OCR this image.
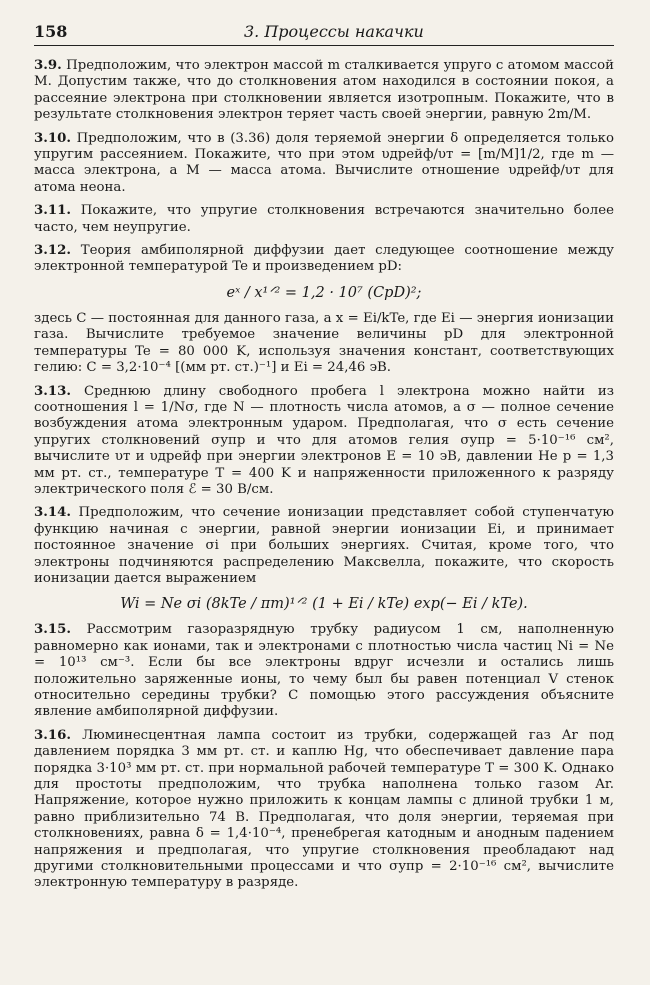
158	3. Процессы накачки

3.9. Предположим, что электрон массой m сталкивается упруго с атомом массой M. Допустим также, что до столкновения атом находился в состоянии покоя, а рассеяние электрона при столкновении является изотропным. Покажите, что в результате столкновения электрон теряет часть своей энергии, равную 2m/M.

3.10. Предположим, что в (3.36) доля теряемой энергии δ определяется только упругим рассеянием. Покажите, что при этом υдрейф/υт = [m/M]1/2, где m — масса электрона, а M — масса атома. Вычислите отношение υдрейф/υт для атома неона.

3.11. Покажите, что упругие столкновения встречаются значительно более часто, чем неупругие.

3.12. Теория амбиполярной диффузии дает следующее соотношение между электронной температурой Te и произведением pD:

eˣ / x¹ᐟ² = 1,2 · 10⁷ (CpD)²;

здесь C — постоянная для данного газа, а x = Ei/kTe, где Ei — энергия ионизации газа. Вычислите требуемое значение величины pD для электронной температуры Te = 80 000 K, используя значения констант, соответствующих гелию: C = 3,2·10⁻⁴ [(мм рт. ст.)⁻¹] и Ei = 24,46 эВ.

3.13. Среднюю длину свободного пробега l электрона можно найти из соотношения l = 1/Nσ, где N — плотность числа атомов, а σ — полное сечение возбуждения атома электронным ударом. Предполагая, что σ есть сечение упругих столкновений σупр и что для атомов гелия σупр = 5·10⁻¹⁶ см², вычислите υт и υдрейф при энергии электронов E = 10 эВ, давлении He p = 1,3 мм рт. ст., температуре T = 400 K и напряженности приложенного к разряду электрического поля ℰ = 30 В/см.

3.14. Предположим, что сечение ионизации представляет собой ступенчатую функцию начиная с энергии, равной энергии ионизации Ei, и принимает постоянное значение σi при больших энергиях. Считая, кроме того, что электроны подчиняются распределению Максвелла, покажите, что скорость ионизации дается выражением

Wi = Ne σi (8kTe / πm)¹ᐟ² (1 + Ei / kTe) exp(− Ei / kTe).

3.15. Рассмотрим газоразрядную трубку радиусом 1 см, наполненную равномерно как ионами, так и электронами с плотностью числа частиц Ni = Ne = 10¹³ см⁻³. Если бы все электроны вдруг исчезли и остались лишь положительно заряженные ионы, то чему был бы равен потенциал V стенок относительно середины трубки? С помощью этого рассуждения объясните явление амбиполярной диффузии.

3.16. Люминесцентная лампа состоит из трубки, содержащей газ Ar под давлением порядка 3 мм рт. ст. и каплю Hg, что обеспечивает давление пара порядка 3·10³ мм рт. ст. при нормальной рабочей температуре T = 300 K. Однако для простоты предположим, что трубка наполнена только газом Ar. Напряжение, которое нужно приложить к концам лампы с длиной трубки 1 м, равно приблизительно 74 В. Предполагая, что доля энергии, теряемая при столкновениях, равна δ = 1,4·10⁻⁴, пренебрегая катодным и анодным падением напряжения и предполагая, что упругие столкновения преобладают над другими столкновительными процессами и что σупр = 2·10⁻¹⁶ см², вычислите электронную температуру в разряде.
